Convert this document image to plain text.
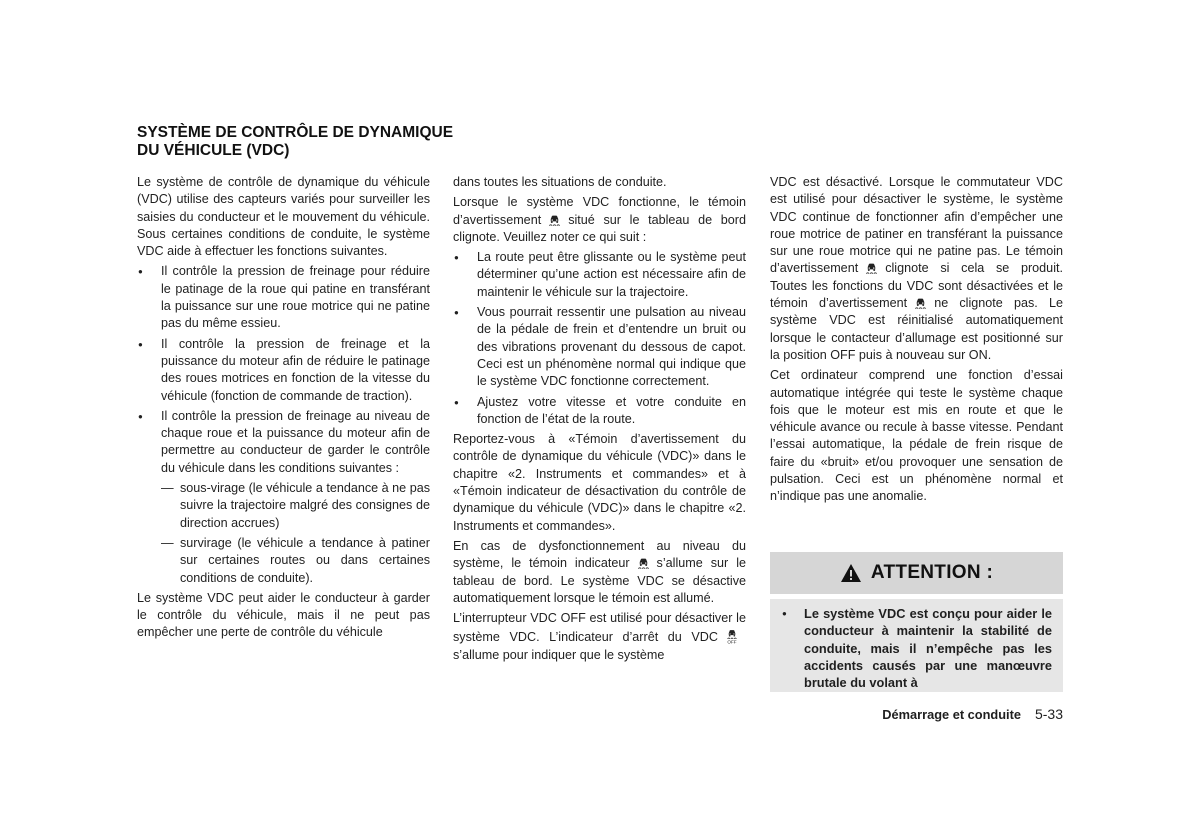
SYSTÈME DE CONTRÔLE DE DYNAMIQUE DU VÉHICULE (VDC)

Le système de contrôle de dynamique du véhicule (VDC) utilise des capteurs variés pour surveiller les saisies du conducteur et le mouvement du véhicule. Sous certaines conditions de conduite, le système VDC aide à effectuer les fonctions suivantes.

● Il contrôle la pression de freinage pour réduire le patinage de la roue qui patine en transférant la puissance sur une roue motrice qui ne patine pas du même essieu.
● Il contrôle la pression de freinage et la puissance du moteur afin de réduire le patinage des roues motrices en fonction de la vitesse du véhicule (fonction de commande de traction).
● Il contrôle la pression de freinage au niveau de chaque roue et la puissance du moteur afin de permettre au conducteur de garder le contrôle du véhicule dans les conditions suivantes :
— sous-virage (le véhicule a tendance à ne pas suivre la trajectoire malgré des consignes de direction accrues)
— survirage (le véhicule a tendance à patiner sur certaines routes ou dans certaines conditions de conduite).

Le système VDC peut aider le conducteur à garder le contrôle du véhicule, mais il ne peut pas empêcher une perte de contrôle du véhicule

dans toutes les situations de conduite.

Lorsque le système VDC fonctionne, le témoin d’avertissement situé sur le tableau de bord clignote. Veuillez noter ce qui suit :

● La route peut être glissante ou le système peut déterminer qu’une action est nécessaire afin de maintenir le véhicule sur la trajectoire.
● Vous pourrait ressentir une pulsation au niveau de la pédale de frein et d’entendre un bruit ou des vibrations provenant du dessous de capot. Ceci est un phénomène normal qui indique que le système VDC fonctionne correctement.
● Ajustez votre vitesse et votre conduite en fonction de l’état de la route.

Reportez-vous à «Témoin d’avertissement du contrôle de dynamique du véhicule (VDC)» dans le chapitre «2. Instruments et commandes» et à «Témoin indicateur de désactivation du contrôle de dynamique du véhicule (VDC)» dans le chapitre «2. Instruments et commandes».

En cas de dysfonctionnement au niveau du système, le témoin indicateur s’allume sur le tableau de bord. Le système VDC se désactive automatiquement lorsque le témoin est allumé.

L’interrupteur VDC OFF est utilisé pour désactiver le système VDC. L’indicateur d’arrêt du VDC OFF
s’allume pour indiquer que le système

VDC est désactivé. Lorsque le commutateur VDC est utilisé pour désactiver le système, le système VDC continue de fonctionner afin d’empêcher une roue motrice de patiner en transférant la puissance sur une roue motrice qui ne patine pas. Le témoin d’avertissement clignote si cela se produit. Toutes les fonctions du VDC sont désactivées et le témoin d’avertissement ne clignote pas. Le système VDC est réinitialisé automatiquement lorsque le contacteur d’allumage est positionné sur la position OFF puis à nouveau sur ON.

Cet ordinateur comprend une fonction d’essai automatique intégrée qui teste le système chaque fois que le moteur est mis en route et que le véhicule avance ou recule à basse vitesse. Pendant l’essai automatique, la pédale de frein risque de faire du «bruit» et/ou provoquer une sensation de pulsation. Ceci est un phénomène normal et n’indique pas une anomalie.

ATTENTION :

● Le système VDC est conçu pour aider le conducteur à maintenir la stabilité de conduite, mais il n’empêche pas les accidents causés par une manœuvre brutale du volant à

Démarrage et conduite 5-33
